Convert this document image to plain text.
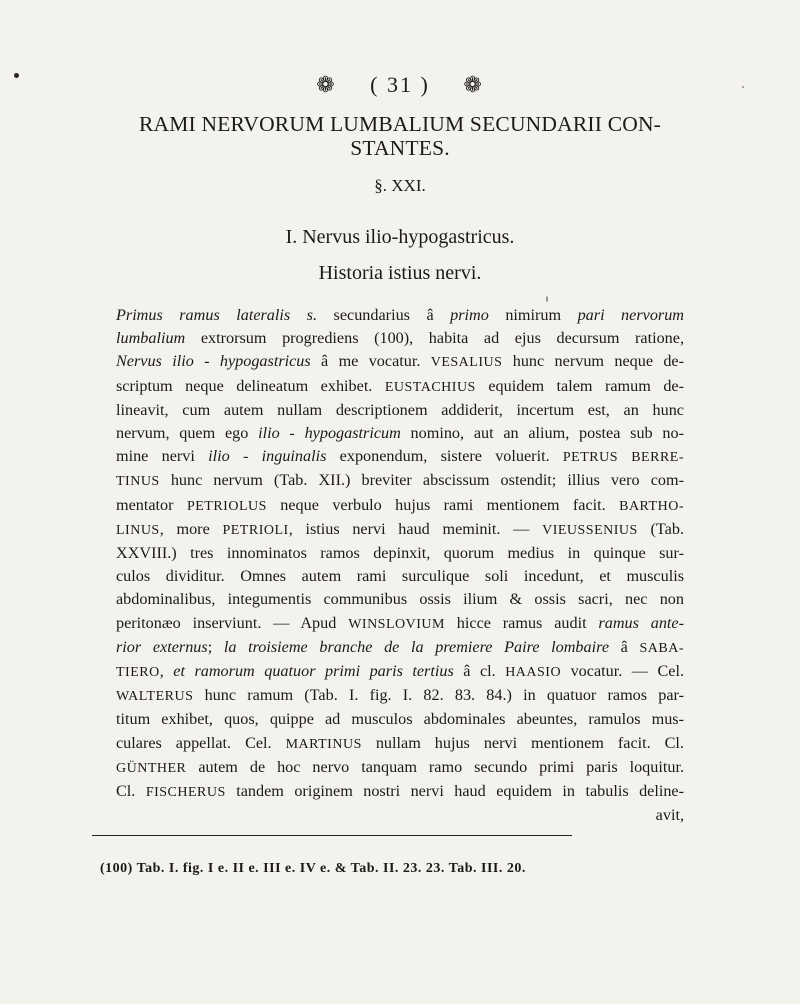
❁ ( 31 ) ❁
RAMI NERVORUM LUMBALIUM SECUNDARII CON-
STANTES.
§. XXI.
I. Nervus ilio-hypogastricus.
Historia istius nervi.
Primus ramus lateralis s. secundarius â primo nimirum pari nervorum
lumbalium extrorsum progrediens (100), habita ad ejus decursum ratione,
Nervus ilio - hypogastricus â me vocatur. VESALIUS hunc nervum neque de-
scriptum neque delineatum exhibet. EUSTACHIUS equidem talem ramum de-
lineavit, cum autem nullam descriptionem addiderit, incertum est, an hunc
nervum, quem ego ilio - hypogastricum nomino, aut an alium, postea sub no-
mine nervi ilio - inguinalis exponendum, sistere voluerit. PETRUS BERRE-
TINUS hunc nervum (Tab. XII.) breviter abscissum ostendit; illius vero com-
mentator PETRIOLUS neque verbulo hujus rami mentionem facit. BARTHO-
LINUS, more PETRIOLI, istius nervi haud meminit. — VIEUSSENIUS (Tab.
XXVIII.) tres innominatos ramos depinxit, quorum medius in quinque sur-
culos dividitur. Omnes autem rami surculique soli incedunt, et musculis
abdominalibus, integumentis communibus ossis ilium & ossis sacri, nec non
peritonæo inserviunt. — Apud WINSLOVIUM hicce ramus audit ramus ante-
rior externus; la troisieme branche de la premiere Paire lombaire â SABA-
TIERO, et ramorum quatuor primi paris tertius â cl. HAASIO vocatur. — Cel.
WALTERUS hunc ramum (Tab. I. fig. I. 82. 83. 84.) in quatuor ramos par-
titum exhibet, quos, quippe ad musculos abdominales abeuntes, ramulos mus-
culares appellat. Cel. MARTINUS nullam hujus nervi mentionem facit. Cl.
GÜNTHER autem de hoc nervo tanquam ramo secundo primi paris loquitur.
Cl. FISCHERUS tandem originem nostri nervi haud equidem in tabulis deline-
avit,
(100) Tab. I. fig. I e. II e. III e. IV e. & Tab. II. 23. 23. Tab. III. 20.
